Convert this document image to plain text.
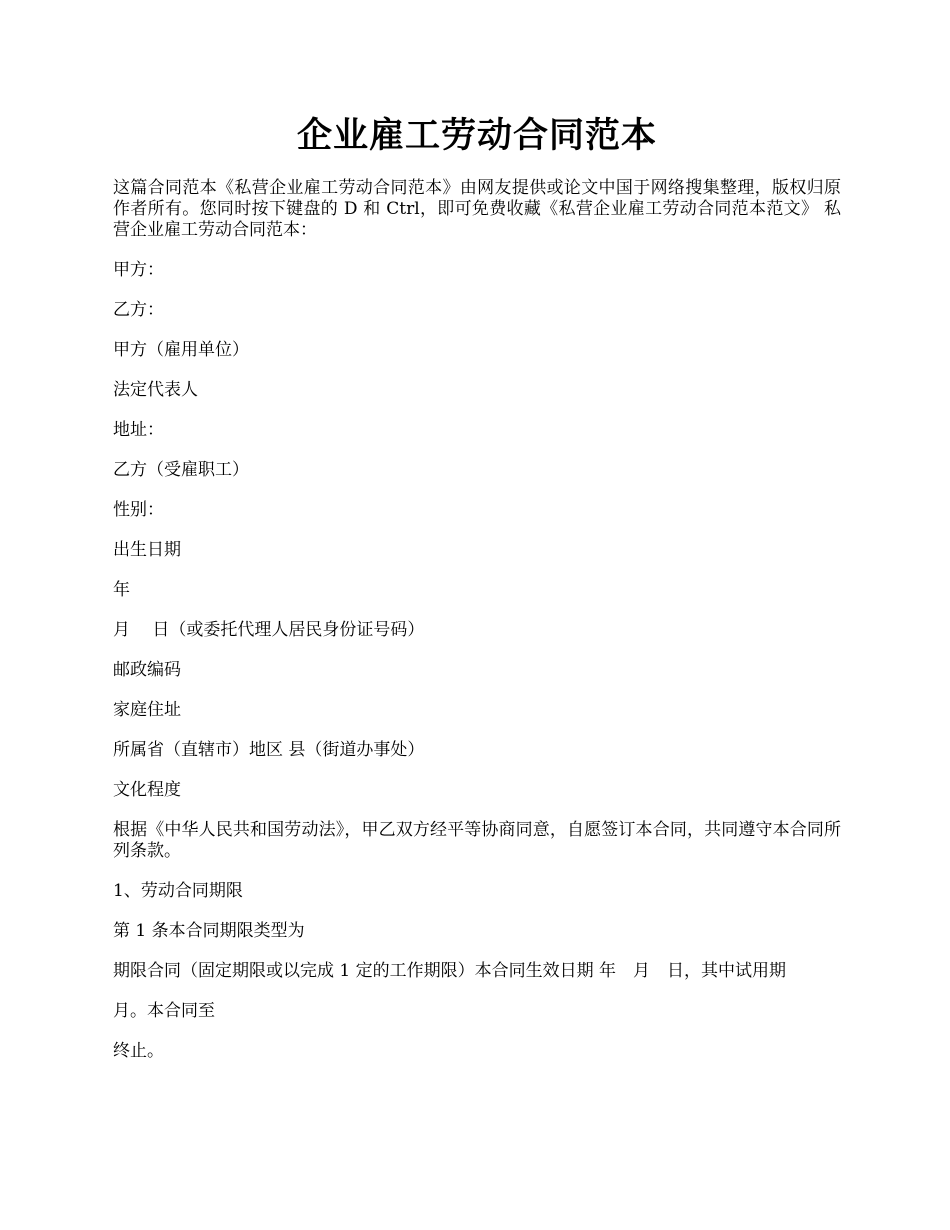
企业雇工劳动合同范本

这篇合同范本《私营企业雇工劳动合同范本》由网友提供或论文中国于网络搜集整理，版权归原作者所有。您同时按下键盘的 D 和 Ctrl，即可免费收藏《私营企业雇工劳动合同范本范文》 私营企业雇工劳动合同范本：

甲方：

乙方：

甲方（雇用单位）

法定代表人

地址：

乙方（受雇职工）

性别：

出生日期

年

月　 日（或委托代理人居民身份证号码）

邮政编码

家庭住址

所属省（直辖市）地区 县（街道办事处）

文化程度

根据《中华人民共和国劳动法》，甲乙双方经平等协商同意，自愿签订本合同，共同遵守本合同所列条款。

1、劳动合同期限

第 1 条本合同期限类型为

期限合同（固定期限或以完成 1 定的工作期限）本合同生效日期 年　月　日，其中试用期

月。本合同至

终止。
